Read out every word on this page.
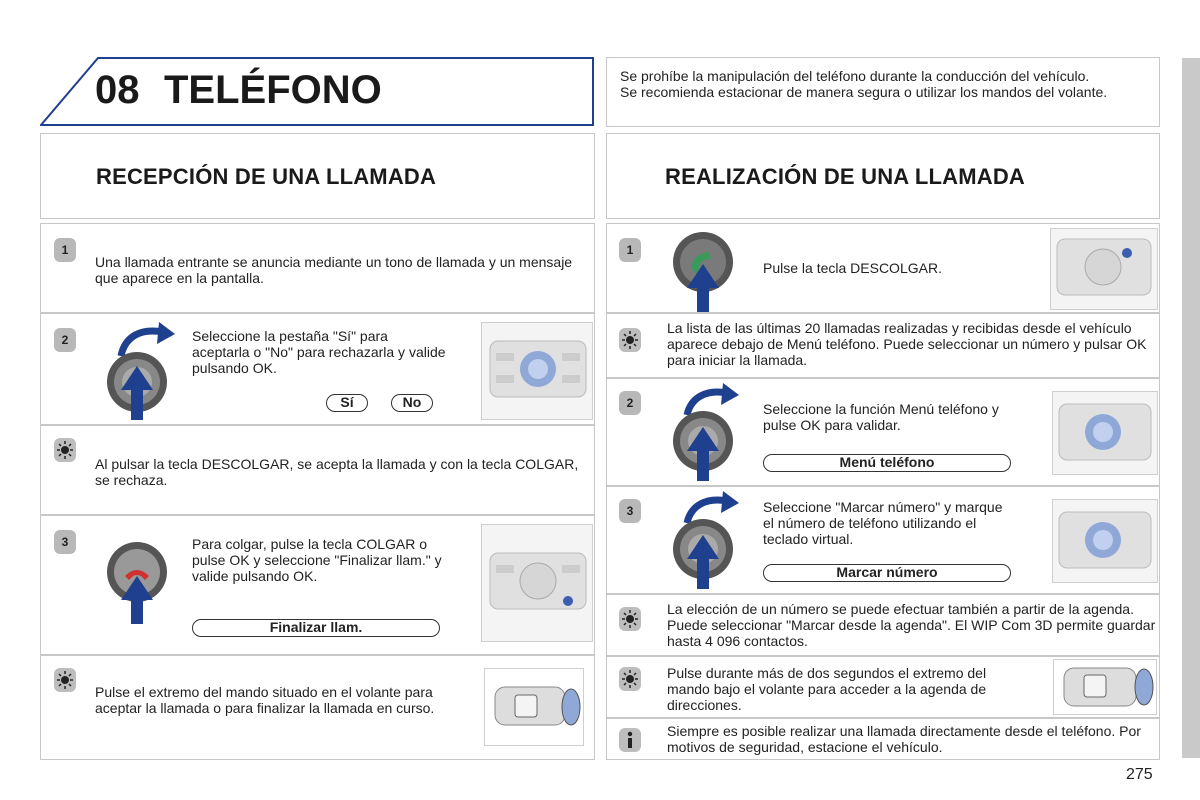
08 TELÉFONO	Se prohíbe la manipulación del teléfono durante la conducción del vehículo. Se recomienda estacionar de manera segura o utilizar los mandos del volante.
RECEPCIÓN DE UNA LLAMADA
1
Una llamada entrante se anuncia mediante un tono de llamada y un mensaje que aparece en la pantalla.
2	Seleccione la pestaña "Sí" para aceptarla o "No" para rechazarla y valide pulsando OK.
Sí	No
Al pulsar la tecla DESCOLGAR, se acepta la llamada y con la tecla COLGAR, se rechaza.
3	Para colgar, pulse la tecla COLGAR o pulse OK y seleccione "Finalizar llam." y valide pulsando OK.
Finalizar llam.
Pulse el extremo del mando situado en el volante para aceptar la llamada o para finalizar la llamada en curso.
REALIZACIÓN DE UNA LLAMADA
1
Pulse la tecla DESCOLGAR.
La lista de las últimas 20 llamadas realizadas y recibidas desde el vehículo aparece debajo de Menú teléfono. Puede seleccionar un número y pulsar OK para iniciar la llamada.
2	Seleccione la función Menú teléfono y pulse OK para validar.
Menú teléfono
3	Seleccione "Marcar número" y marque el número de teléfono utilizando el teclado virtual.
Marcar número
La elección de un número se puede efectuar también a partir de la agenda. Puede seleccionar "Marcar desde la agenda". El WIP Com 3D permite guardar hasta 4 096 contactos.
Pulse durante más de dos segundos el extremo del mando bajo el volante para acceder a la agenda de direcciones.
Siempre es posible realizar una llamada directamente desde el teléfono. Por motivos de seguridad, estacione el vehículo.
275
